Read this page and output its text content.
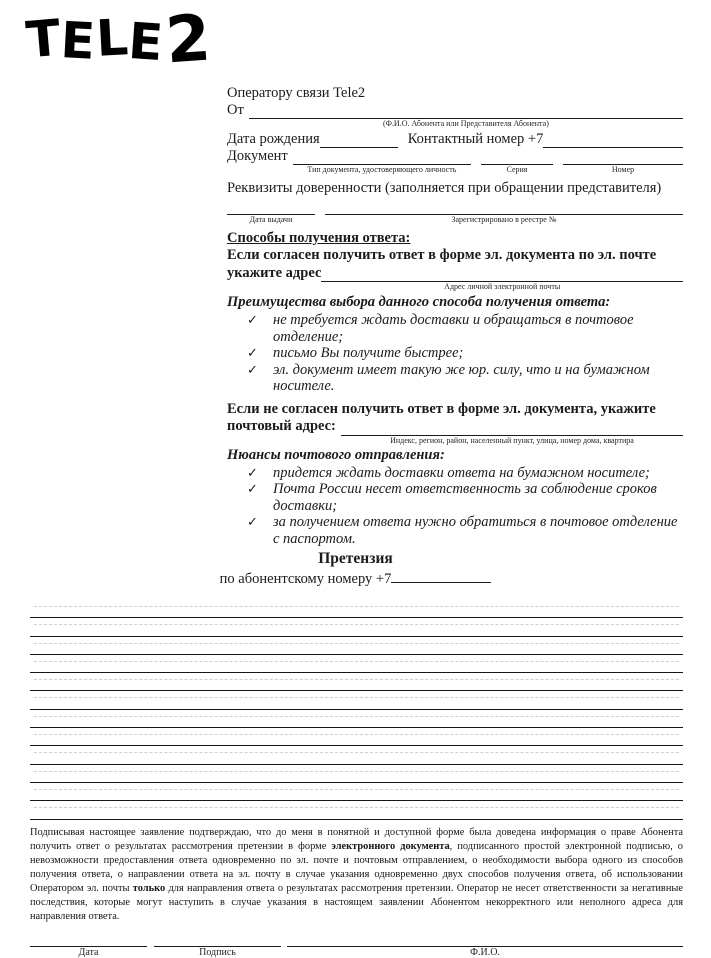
T
E
L
E
2
Оператору связи Tele2
От
(Ф.И.О. Абонента или Представителя Абонента)
Дата рождения	Контактный номер +7
Документ
Тип документа, удостоверяющего личность	Серия	Номер
Реквизиты доверенности (заполняется при обращении представителя)
Дата выдачи	Зарегистрировано в реестре №
Способы получения ответа:
Если согласен получить ответ в форме эл. документа по эл. почте
укажите адрес
Адрес личной электронной почты
Преимущества выбора данного способа получения ответа:
✓	не требуется ждать доставки и обращаться в почтовое отделение;
✓	письмо Вы получите быстрее;
✓	эл. документ имеет такую же юр. силу, что и на бумажном носителе.
Если не согласен получить ответ в форме эл. документа, укажите
почтовый адрес:
Индекс, регион, район, населенный пункт, улица, номер дома, квартира
Нюансы почтового отправления:
✓	придется ждать доставки ответа на бумажном носителе;
✓	Почта России несет ответственность за соблюдение сроков доставки;
✓	за получением ответа нужно обратиться в почтовое отделение с паспортом.
Претензия
по абонентскому номеру +7
Подписывая настоящее заявление подтверждаю, что до меня в понятной и доступной форме была доведена информация о праве Абонента получить ответ о результатах рассмотрения претензии в форме электронного документа, подписанного простой электронной подписью, о невозможности предоставления ответа одновременно по эл. почте и почтовым отправлением, о необходимости выбора одного из способов получения ответа, о направлении ответа на эл. почту в случае указания одновременно двух способов получения ответа, об использовании Оператором эл. почты только для направления ответа о результатах рассмотрения претензии. Оператор не несет ответственности за негативные последствия, которые могут наступить в случае указания в настоящем заявлении Абонентом некорректного или неполного адреса для направления ответа.
Дата	Подпись	Ф.И.О.
